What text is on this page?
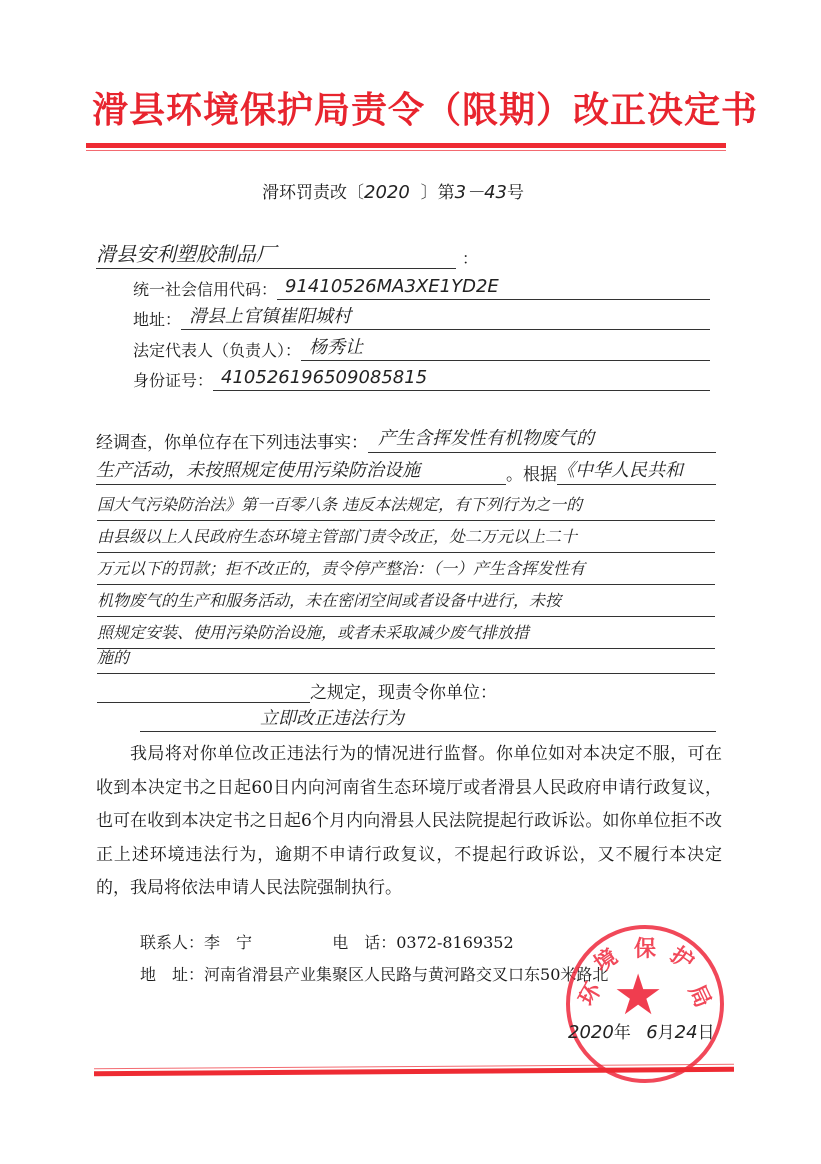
滑县环境保护局责令（限期）改正决定书
滑环罚责改〔2020 〕第3－43号
滑县安利塑胶制品厂	：
统一社会信用代码： 91410526MA3XE1YD2E
地址： 滑县上官镇崔阳城村
法定代表人（负责人）： 杨秀让
身份证号： 410526196509085815
经调查，你单位存在下列违法事实： 产生含挥发性有机物废气的
生产活动，未按照规定使用污染防治设施	。根据 《中华人民共和
国大气污染防治法》第一百零八条 违反本法规定，有下列行为之一的
由县级以上人民政府生态环境主管部门责令改正，处二万元以上二十
万元以下的罚款；拒不改正的，责令停产整治：（一）产生含挥发性有
机物废气的生产和服务活动，未在密闭空间或者设备中进行，未按
照规定安装、使用污染防治设施，或者未采取减少废气排放措
施的
之规定，现责令你单位：
立即改正违法行为
我局将对你单位改正违法行为的情况进行监督。你单位如对本决定不服，可在收到本决定书之日起60日内向河南省生态环境厅或者滑县人民政府申请行政复议，也可在收到本决定书之日起6个月内向滑县人民法院提起行政诉讼。如你单位拒不改正上述环境违法行为，逾期不申请行政复议，不提起行政诉讼，又不履行本决定的，我局将依法申请人民法院强制执行。
联系人：李　宁	电　话：0372-8169352
地　址：河南省滑县产业集聚区人民路与黄河路交叉口东50米路北 ★
环
境 保 护
局
2020年 6月24日
